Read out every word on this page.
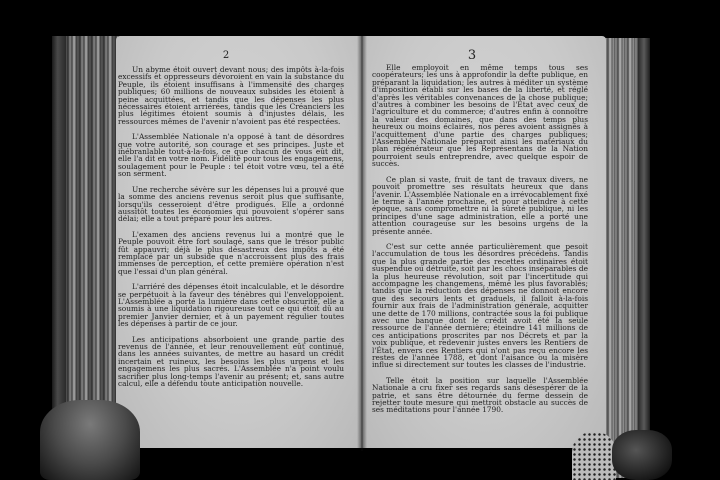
2

Un abyme étoit ouvert devant nous; des impôts à-la-fois excessifs et oppresseurs dévoroient en vain la substance du Peuple, ils étoient insuffisans à l'immensité des charges publiques; 60 millions de nouveaux subsides les étoient à peine acquittées, et tandis que les dépenses les plus nécessaires étoient arriérées, tandis que les Créanciers les plus légitimes étoient soumis à d'injustes délais, les ressources mêmes de l'avenir n'avoient pas été respectées.

L'Assemblée Nationale n'a opposé à tant de désordres que votre autorité, son courage et ses principes. Juste et inébranlable tout-à-la-fois, ce que chacun de vous eût dit, elle l'a dit en votre nom. Fidélité pour tous les engagemens, soulagement pour le Peuple : tel étoit votre vœu, tel a été son serment.

Une recherche sévère sur les dépenses lui a prouvé que la somme des anciens revenus seroit plus que suffisante, lorsqu'ils cesseroient d'être prodigués. Elle a ordonné aussitôt toutes les économies qui pouvoient s'opérer sans délai; elle a tout préparé pour les autres.

L'examen des anciens revenus lui a montré que le Peuple pouvoit être fort soulagé, sans que le trésor public fût appauvri; déjà le plus désastreux des impôts a été remplacé par un subside que n'accroissent plus des frais immenses de perception, et cette première opération n'est que l'essai d'un plan général.

L'arriéré des dépenses étoit incalculable, et le désordre se perpétuoit à la faveur des ténèbres qui l'enveloppoient. L'Assemblée a porté la lumière dans cette obscurité, elle a soumis à une liquidation rigoureuse tout ce qui étoit dû au premier Janvier dernier, et à un payement régulier toutes les dépenses à partir de ce jour.

Les anticipations absorboient une grande partie des revenus de l'année, et leur renouvellement eût continué, dans les années suivantes, de mettre au hasard un crédit incertain et ruineux, les besoins les plus urgens et les engagemens les plus sacrés. L'Assemblée n'a point voulu sacrifier plus long-temps l'avenir au présent; et, sans autre calcul, elle a défendu toute anticipation nouvelle.

3

Elle employoit en même temps tous ses coopérateurs; les uns à approfondir la dette publique, en préparant la liquidation; les autres à méditer un système d'imposition établi sur les bases de la liberté, et réglé d'après les véritables convenances de la chose publique; d'autres à combiner les besoins de l'État avec ceux de l'agriculture et du commerce; d'autres enfin à connoître la valeur des domaines, que dans des temps plus heureux ou moins éclairés, nos pères avoient assignés à l'acquittement d'une partie des charges publiques; l'Assemblée Nationale préparoit ainsi les matériaux du plan régénérateur que les Représentans de la Nation pourroient seuls entreprendre, avec quelque espoir de succès.

Ce plan si vaste, fruit de tant de travaux divers, ne pouvoit promettre ses résultats heureux que dans l'avenir. L'Assemblée Nationale en a irrévocablement fixé le terme à l'année prochaine, et pour atteindre à cette époque, sans compromettre ni la sûreté publique, ni les principes d'une sage administration, elle a porté une attention courageuse sur les besoins urgens de la présente année.

C'est sur cette année particulièrement que pesoit l'accumulation de tous les désordres précédens. Tandis que la plus grande partie des recettes ordinaires étoit suspendue ou détruite, soit par les chocs inséparables de la plus heureuse révolution, soit par l'incertitude qui accompagne les changemens, même les plus favorables; tandis que la réduction des dépenses ne donnoit encore que des secours lents et graduels, il falloit à-la-fois fournir aux frais de l'administration générale, acquitter une dette de 170 millions, contractée sous la foi publique avec une banque dont le crédit avoit été la seule ressource de l'année dernière; éteindre 141 millions de ces anticipations proscrites par nos Décrets et par la voix publique, et redevenir justes envers les Rentiers de l'État, envers ces Rentiers qui n'ont pas reçu encore les restes de l'année 1788, et dont l'aisance ou la misère influe si directement sur toutes les classes de l'industrie.

Telle étoit la position sur laquelle l'Assemblée Nationale a cru fixer ses regards sans désespérer de la patrie, et sans être détournée du ferme dessein de rejetter toute mesure qui mettroit obstacle au succès de ses méditations pour l'année 1790.
